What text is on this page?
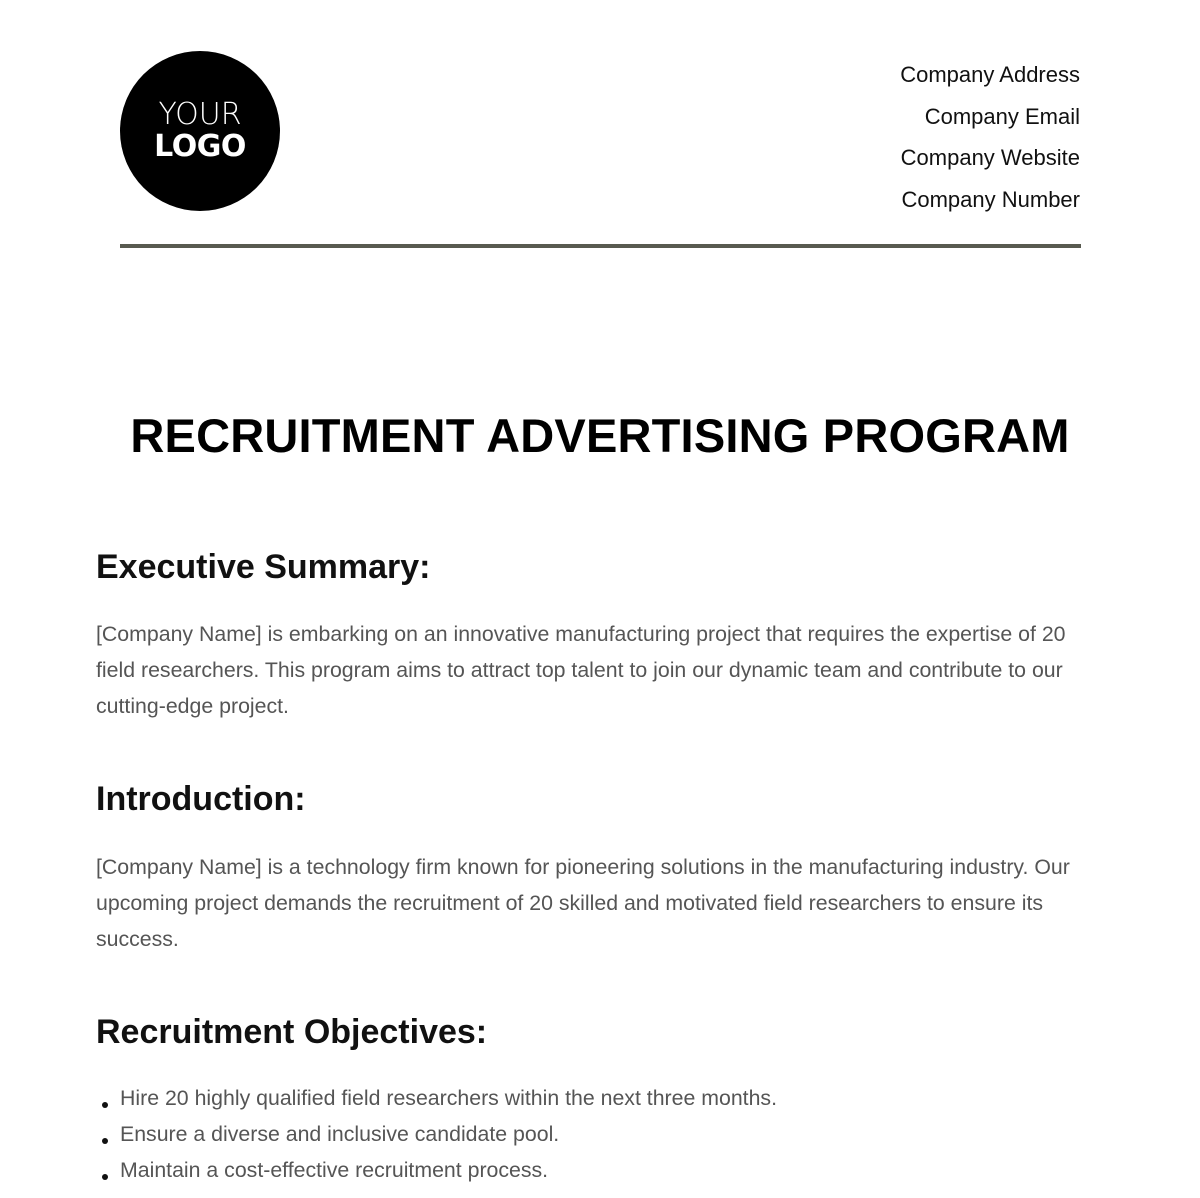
YOUR
LOGO
Company Address
Company Email
Company Website
Company Number
RECRUITMENT ADVERTISING PROGRAM
Executive Summary:

[Company Name] is embarking on an innovative manufacturing project that requires the expertise of 20 field researchers. This program aims to attract top talent to join our dynamic team and contribute to our cutting-edge project.

Introduction:

[Company Name] is a technology firm known for pioneering solutions in the manufacturing industry. Our upcoming project demands the recruitment of 20 skilled and motivated field researchers to ensure its success.

Recruitment Objectives:
Hire 20 highly qualified field researchers within the next three months.
Ensure a diverse and inclusive candidate pool.
Maintain a cost-effective recruitment process.
